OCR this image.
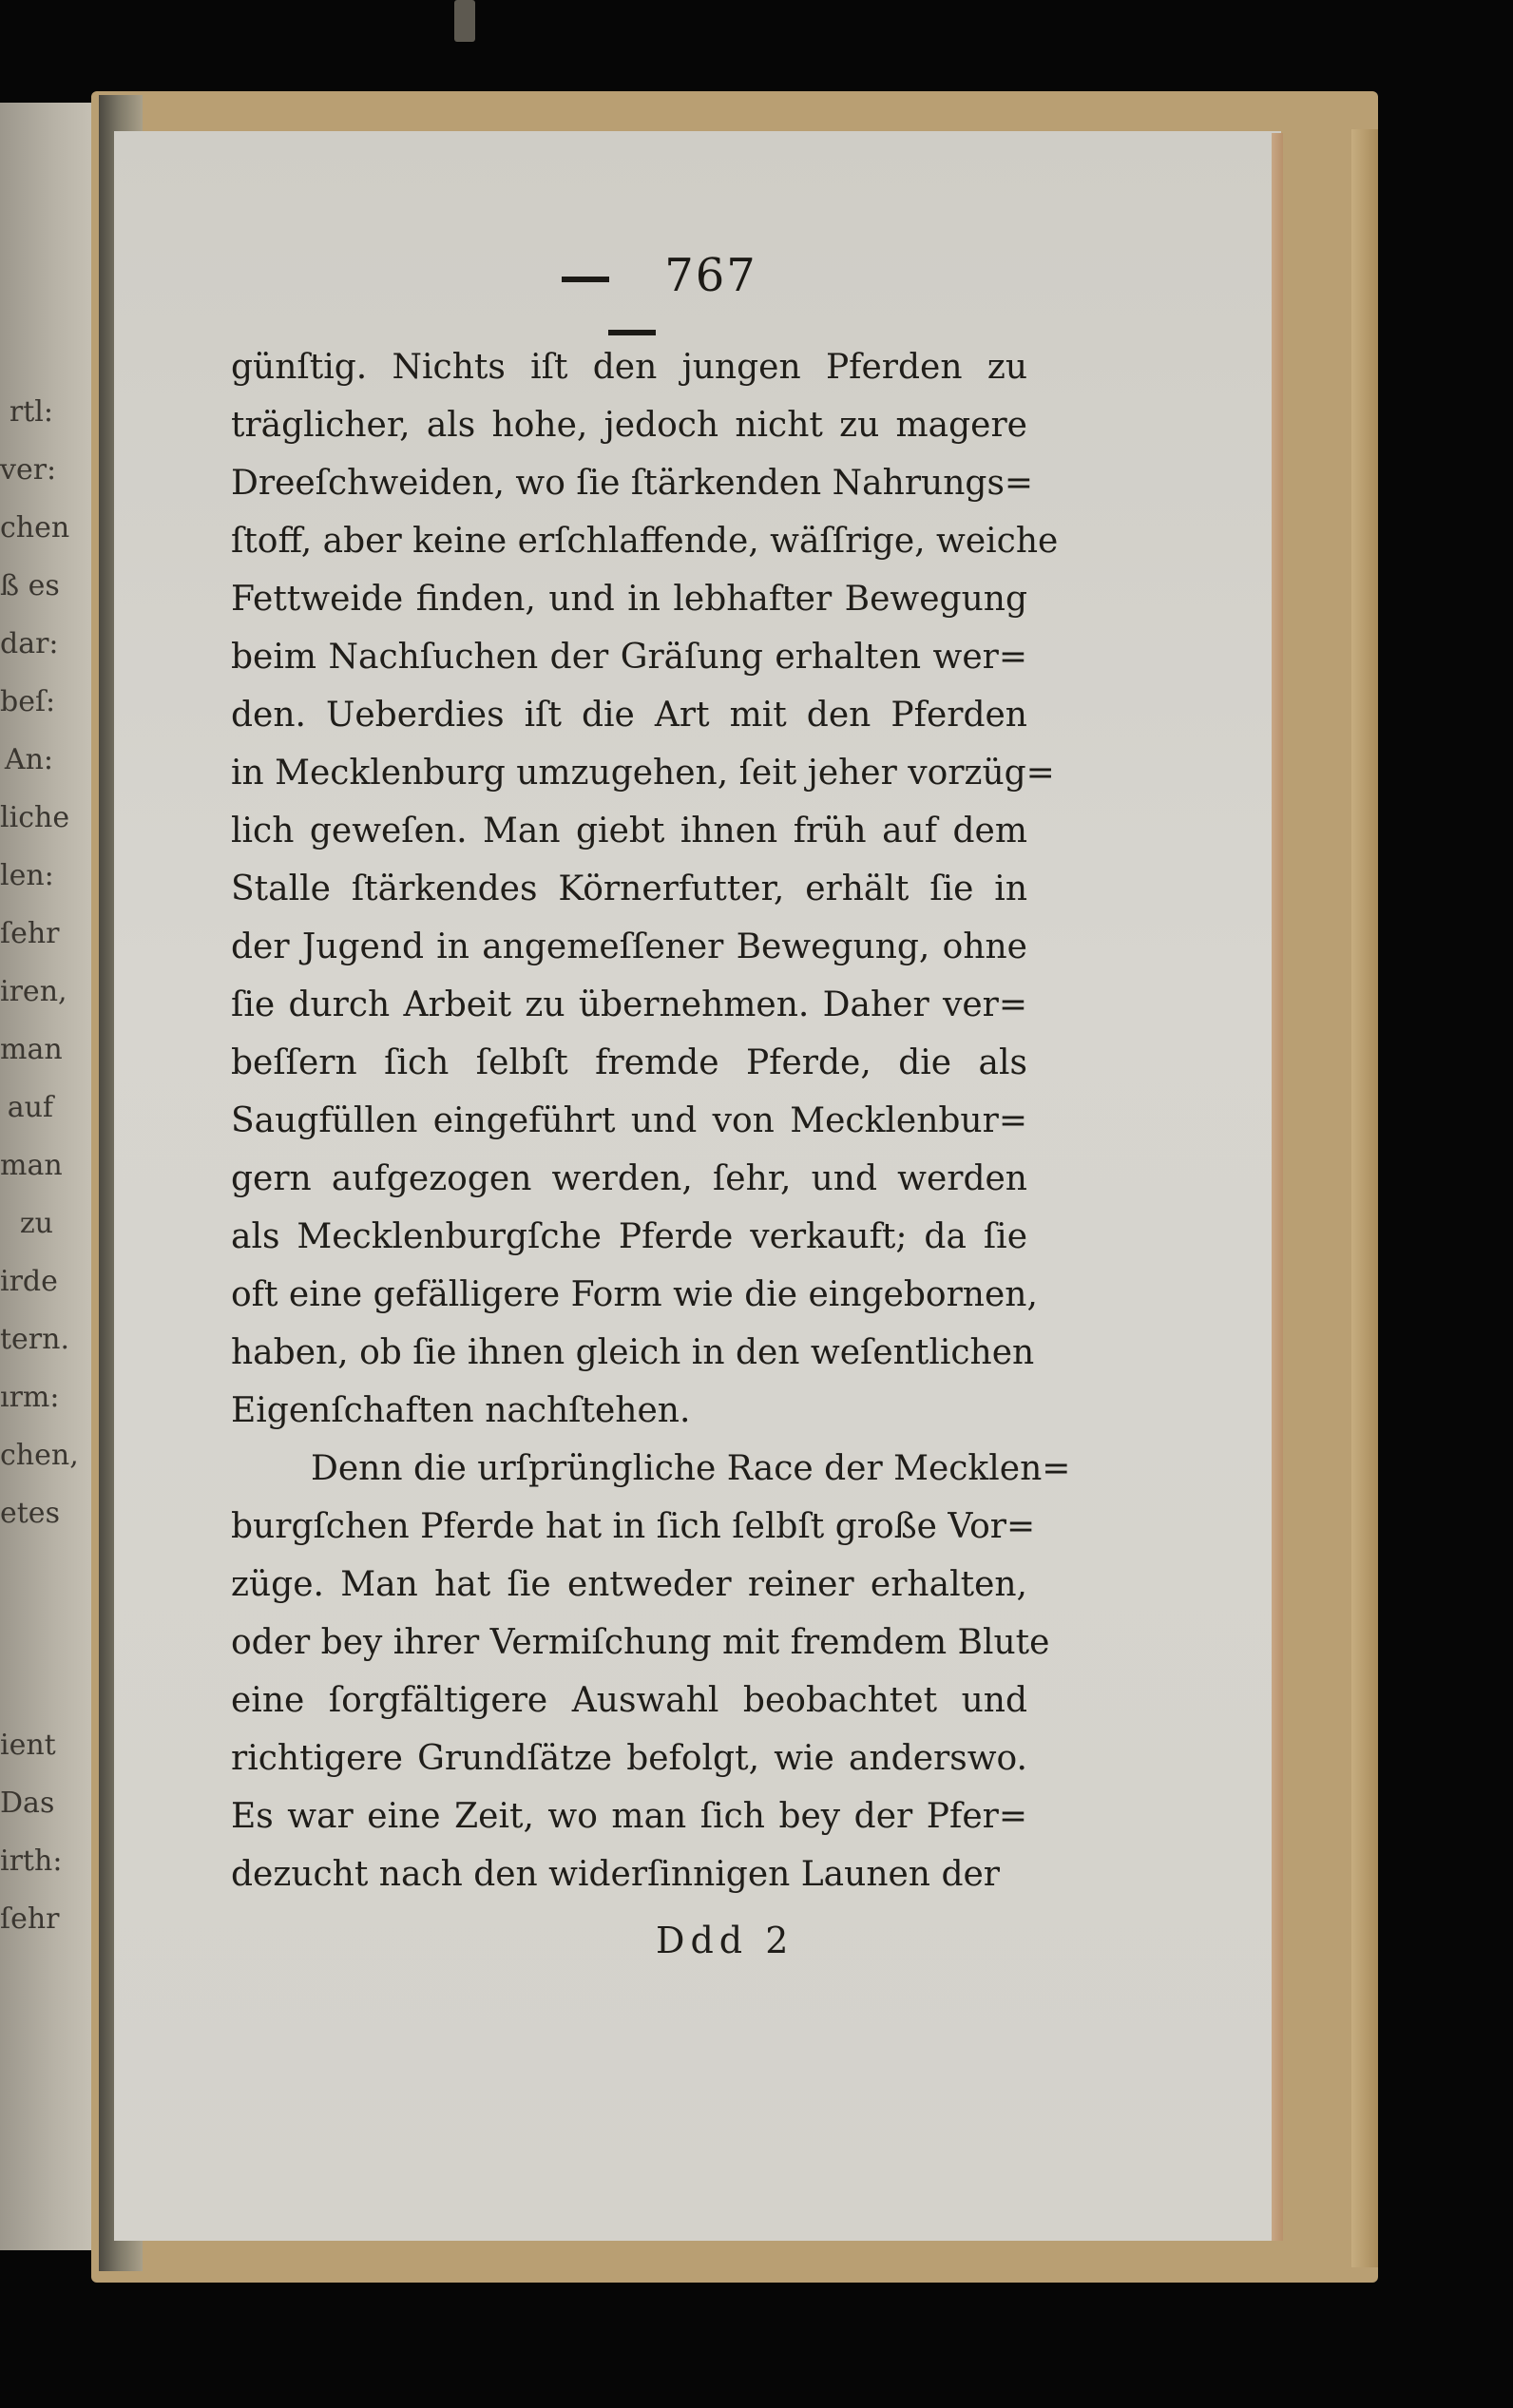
rtl:
ver:
chen
ß es
dar:
beſ:
An:
liche
len:
ſehr
iren,
man
auf
man
zu
irde
tern.
ırm:
chen,
etes
ient
Das
irth:
ſehr
767
günſtig. Nichts iſt den jungen Pferden zu
träglicher, als hohe, jedoch nicht zu magere
Dreeſchweiden, wo ſie ſtärkenden Nahrungs=
ſtoff, aber keine erſchlaffende, wäſſrige, weiche
Fettweide finden, und in lebhafter Bewegung
beim Nachſuchen der Gräſung erhalten wer=
den. Ueberdies iſt die Art mit den Pferden
in Mecklenburg umzugehen, ſeit jeher vorzüg=
lich geweſen. Man giebt ihnen früh auf dem
Stalle ſtärkendes Körnerfutter, erhält ſie in
der Jugend in angemeſſener Bewegung, ohne
ſie durch Arbeit zu übernehmen. Daher ver=
beſſern ſich ſelbſt fremde Pferde, die als
Saugfüllen eingeführt und von Mecklenbur=
gern aufgezogen werden, ſehr, und werden
als Mecklenburgſche Pferde verkauft; da ſie
oft eine gefälligere Form wie die eingebornen,
haben, ob ſie ihnen gleich in den weſentlichen
Eigenſchaften nachſtehen.
Denn die urſprüngliche Race der Mecklen=
burgſchen Pferde hat in ſich ſelbſt große Vor=
züge. Man hat ſie entweder reiner erhalten,
oder bey ihrer Vermiſchung mit fremdem Blute
eine ſorgfältigere Auswahl beobachtet und
richtigere Grundſätze befolgt, wie anderswo.
Es war eine Zeit, wo man ſich bey der Pfer=
dezucht nach den widerſinnigen Launen der
Ddd 2
